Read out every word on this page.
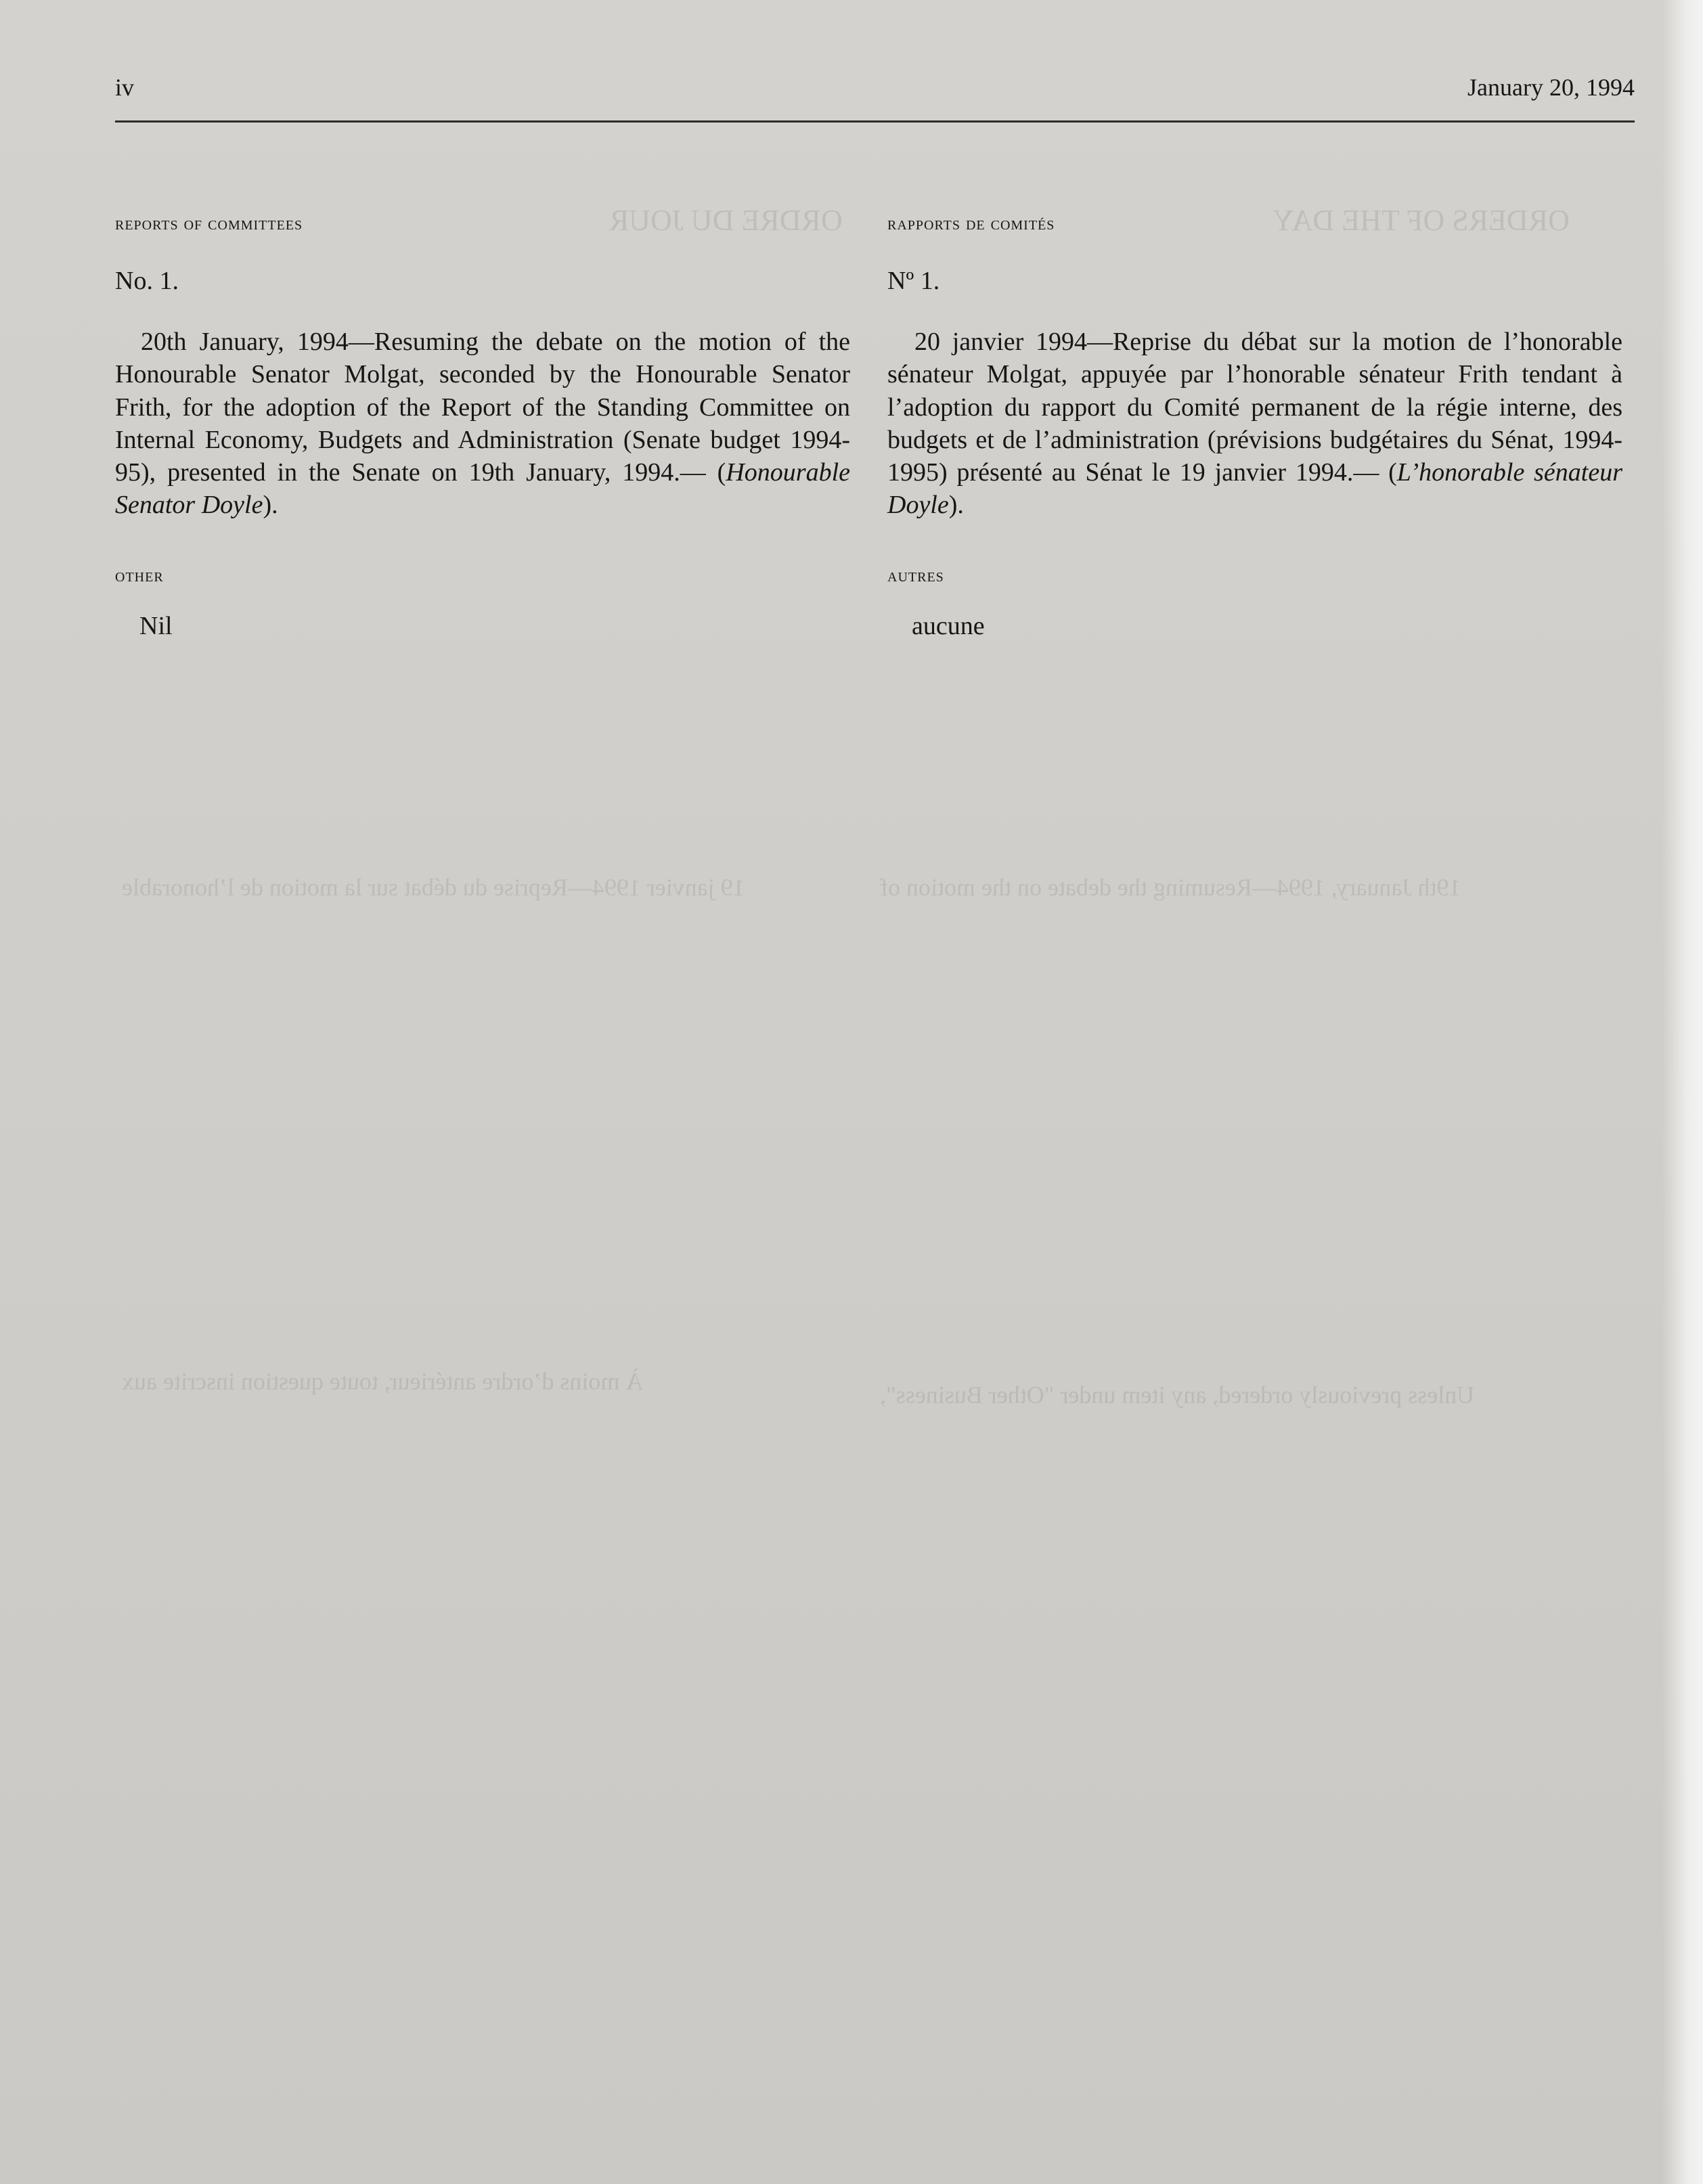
ORDERS OF THE DAY
ORDRE DU JOUR
19th January, 1994—Resuming the debate on the motion of
19 janvier 1994—Reprise du débat sur la motion de l’honorable
Unless previously ordered, any item under "Other Business",
À moins d’ordre antérieur, toute question inscrite aux
iv	January 20, 1994
reports of committees
No. 1.
20th January, 1994—Resuming the debate on the motion of the Honourable Senator Molgat, seconded by the Honourable Senator Frith, for the adoption of the Report of the Standing Committee on Internal Economy, Budgets and Administration (Senate budget 1994-95), presented in the Senate on 19th January, 1994.— (Honourable Senator Doyle).
other
Nil
rapports de comités
Nº 1.
20 janvier 1994—Reprise du débat sur la motion de l’honorable sénateur Molgat, appuyée par l’honorable sénateur Frith tendant à l’adoption du rapport du Comité permanent de la régie interne, des budgets et de l’administration (prévisions budgétaires du Sénat, 1994-1995) présenté au Sénat le 19 janvier 1994.— (L’honorable sénateur Doyle).
autres
aucune
